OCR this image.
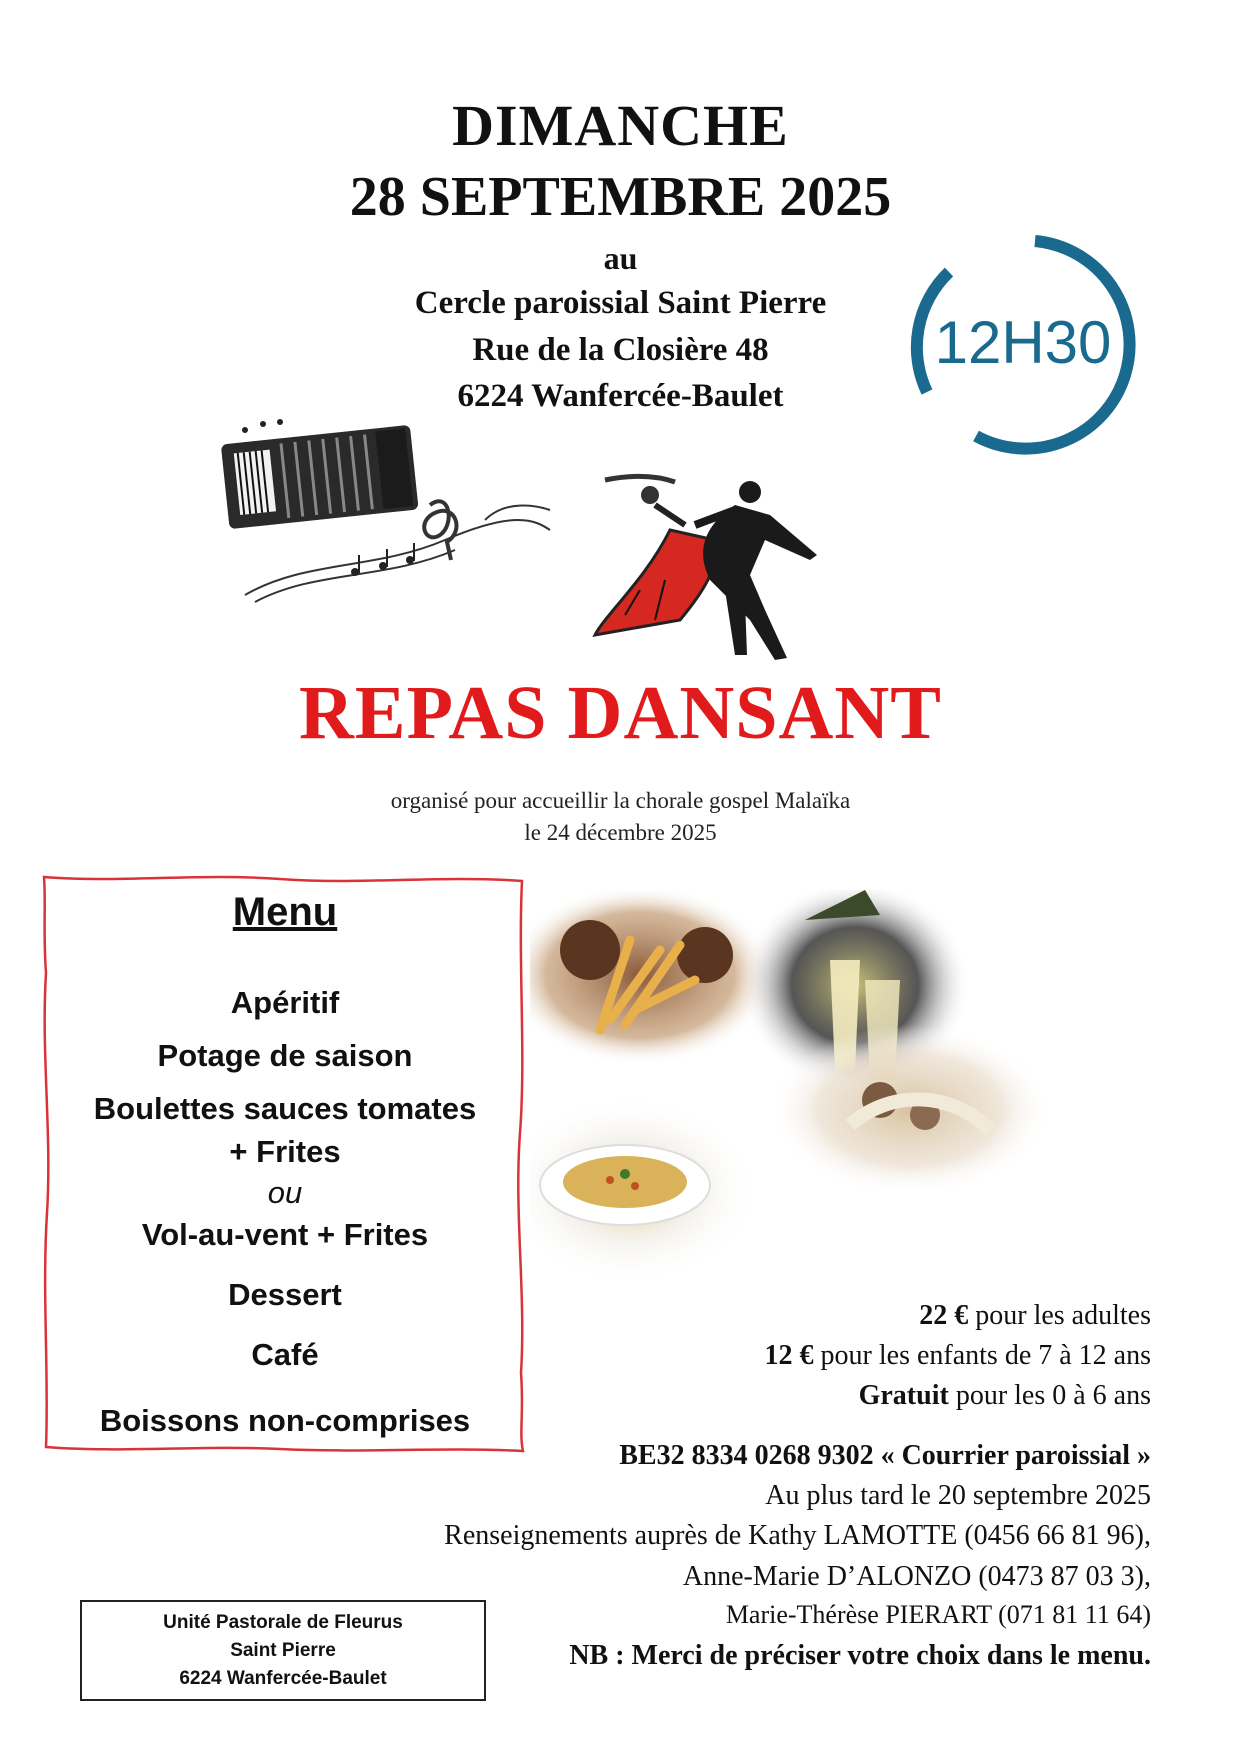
DIMANCHE
28 SEPTEMBRE 2025
au
Cercle paroissial Saint Pierre
Rue de la Closière 48
6224 Wanfercée-Baulet
12H30
REPAS DANSANT
organisé pour accueillir la chorale gospel Malaïka
le 24 décembre 2025
Menu
Apéritif
Potage de saison
Boulettes sauces tomates
+ Frites
ou
Vol-au-vent + Frites
Dessert
Café
Boissons non-comprises
22 € pour les adultes
12 € pour les enfants de 7 à 12 ans
Gratuit pour les 0 à 6 ans
BE32 8334 0268 9302 « Courrier paroissial »
Au plus tard le 20 septembre 2025
Renseignements auprès de Kathy LAMOTTE (0456 66 81 96),
Anne-Marie D’ALONZO (0473 87 03 3),
Marie-Thérèse PIERART (071 81 11 64)
NB : Merci de préciser votre choix dans le menu.
Unité Pastorale de Fleurus
Saint Pierre
6224 Wanfercée-Baulet
